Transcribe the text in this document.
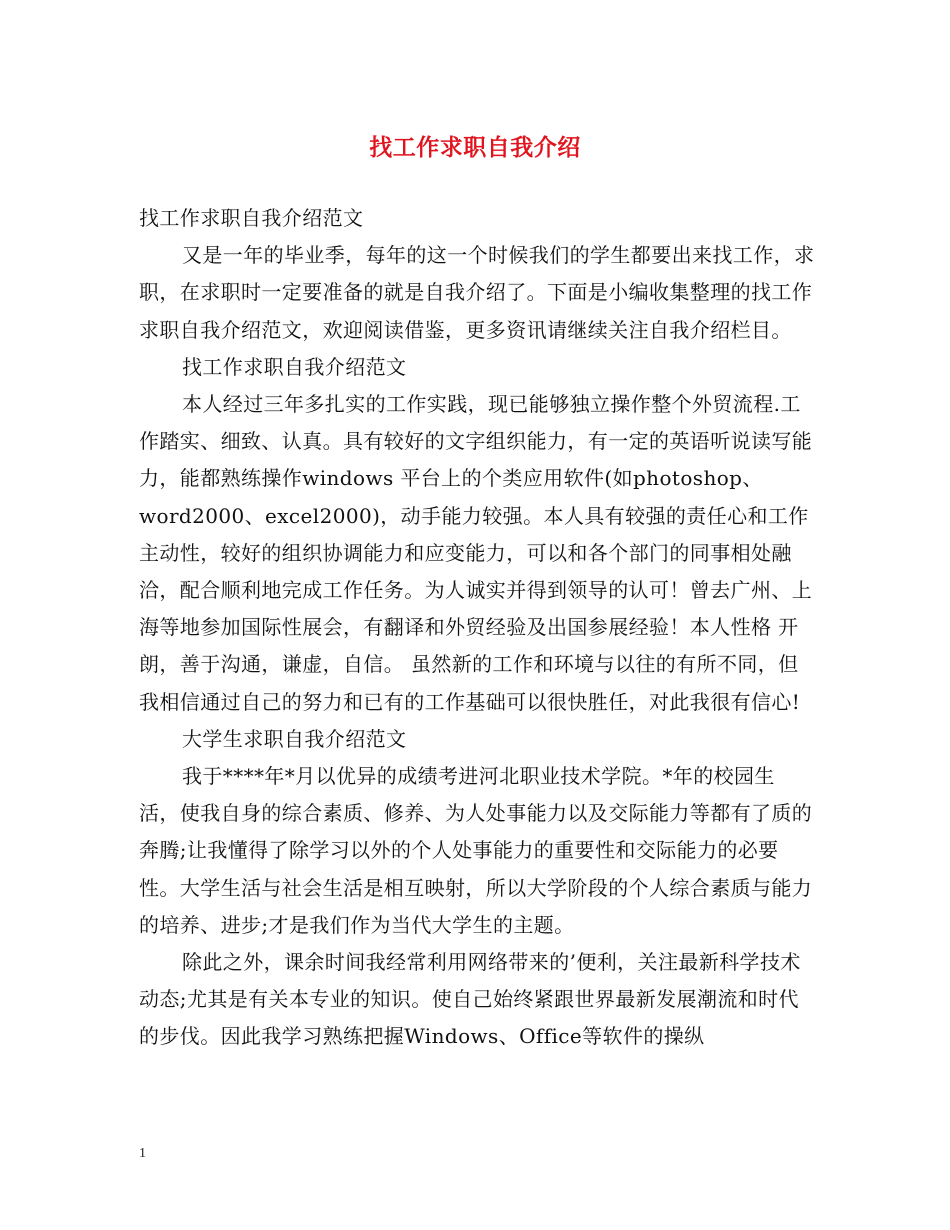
找工作求职自我介绍

找工作求职自我介绍范文

又是一年的毕业季，每年的这一个时候我们的学生都要出来找工作，求职，在求职时一定要准备的就是自我介绍了。下面是小编收集整理的找工作求职自我介绍范文，欢迎阅读借鉴，更多资讯请继续关注自我介绍栏目。

找工作求职自我介绍范文

本人经过三年多扎实的工作实践，现已能够独立操作整个外贸流程.工作踏实、细致、认真。具有较好的文字组织能力，有一定的英语听说读写能力，能都熟练操作windows 平台上的个类应用软件(如photoshop、word2000、excel2000)，动手能力较强。本人具有较强的责任心和工作主动性，较好的组织协调能力和应变能力，可以和各个部门的同事相处融洽，配合顺利地完成工作任务。为人诚实并得到领导的认可！曾去广州、上海等地参加国际性展会，有翻译和外贸经验及出国参展经验！本人性格 开朗，善于沟通，谦虚，自信。 虽然新的工作和环境与以往的有所不同，但我相信通过自己的努力和已有的工作基础可以很快胜任，对此我很有信心!

大学生求职自我介绍范文

我于****年*月以优异的成绩考进河北职业技术学院。*年的校园生活，使我自身的综合素质、修养、为人处事能力以及交际能力等都有了质的奔腾;让我懂得了除学习以外的个人处事能力的重要性和交际能力的必要性。大学生活与社会生活是相互映射，所以大学阶段的个人综合素质与能力的培养、进步;才是我们作为当代大学生的主题。

除此之外，课余时间我经常利用网络带来的’便利，关注最新科学技术动态;尤其是有关本专业的知识。使自己始终紧跟世界最新发展潮流和时代的步伐。因此我学习熟练把握Windows、Office等软件的操纵

1
